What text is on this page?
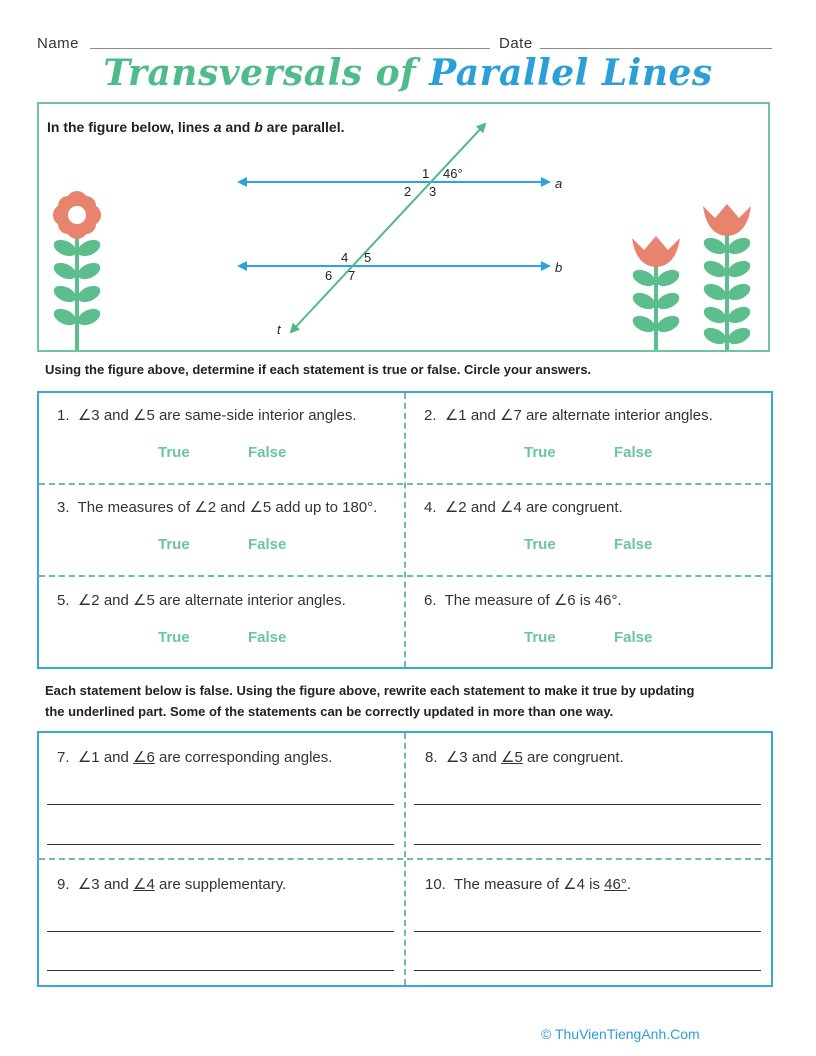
Name	Date
Transversals of Parallel Lines
In the figure below, lines a and b are parallel.
1 46°
2 3
4 5
6 7
a
b
t
Using the figure above, determine if each statement is true or false. Circle your answers.
1. ∠3 and ∠5 are same-side interior angles.
True	False
2. ∠1 and ∠7 are alternate interior angles.
True	False
3. The measures of ∠2 and ∠5 add up to 180°.
True	False
4. ∠2 and ∠4 are congruent.
True	False
5. ∠2 and ∠5 are alternate interior angles.
True	False
6. The measure of ∠6 is 46°.
True	False
Each statement below is false. Using the figure above, rewrite each statement to make it true by updating
the underlined part. Some of the statements can be correctly updated in more than one way.
7. ∠1 and ∠6 are corresponding angles.	8. ∠3 and ∠5 are congruent.
9. ∠3 and ∠4 are supplementary.	10. The measure of ∠4 is 46°.
© ThuVienTiengAnh.Com
